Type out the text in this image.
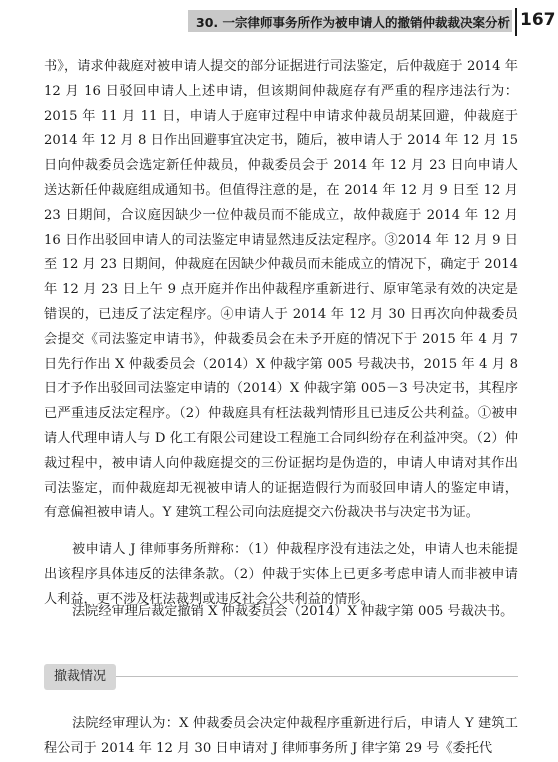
30. 一宗律师事务所作为被申请人的撤销仲裁裁决案分析 167

书》，请求仲裁庭对被申请人提交的部分证据进行司法鉴定，后仲裁庭于 2014 年 12 月 16 日驳回申请人上述申请，但该期间仲裁庭存有严重的程序违法行为：2015 年 11 月 11 日，申请人于庭审过程中申请求仲裁员胡某回避，仲裁庭于 2014 年 12 月 8 日作出回避事宜决定书，随后，被申请人于 2014 年 12 月 15 日向仲裁委员会选定新任仲裁员，仲裁委员会于 2014 年 12 月 23 日向申请人送达新任仲裁庭组成通知书。但值得注意的是，在 2014 年 12 月 9 日至 12 月 23 日期间，合议庭因缺少一位仲裁员而不能成立，故仲裁庭于 2014 年 12 月 16 日作出驳回申请人的司法鉴定申请显然违反法定程序。③2014 年 12 月 9 日至 12 月 23 日期间，仲裁庭在因缺少仲裁员而未能成立的情况下，确定于 2014 年 12 月 23 日上午 9 点开庭并作出仲裁程序重新进行、原审笔录有效的决定是错误的，已违反了法定程序。④申请人于 2014 年 12 月 30 日再次向仲裁委员会提交《司法鉴定申请书》，仲裁委员会在未予开庭的情况下于 2015 年 4 月 7 日先行作出 X 仲裁委员会（2014）X 仲裁字第 005 号裁决书，2015 年 4 月 8 日才予作出驳回司法鉴定申请的（2014）X 仲裁字第 005－3 号决定书，其程序已严重违反法定程序。（2）仲裁庭具有枉法裁判情形且已违反公共利益。①被申请人代理申请人与 D 化工有限公司建设工程施工合同纠纷存在利益冲突。（2）仲裁过程中，被申请人向仲裁庭提交的三份证据均是伪造的，申请人申请对其作出司法鉴定，而仲裁庭却无视被申请人的证据造假行为而驳回申请人的鉴定申请，有意偏袒被申请人。Y 建筑工程公司向法庭提交六份裁决书与决定书为证。

被申请人 J 律师事务所辩称：（1）仲裁程序没有违法之处，申请人也未能提出该程序具体违反的法律条款。（2）仲裁于实体上已更多考虑申请人而非被申请人利益，更不涉及枉法裁判或违反社会公共利益的情形。

法院经审理后裁定撤销 X 仲裁委员会（2014）X 仲裁字第 005 号裁决书。

撤裁情况

法院经审理认为：X 仲裁委员会决定仲裁程序重新进行后，申请人 Y 建筑工程公司于 2014 年 12 月 30 日申请对 J 律师事务所 J 律字第 29 号《委托代
